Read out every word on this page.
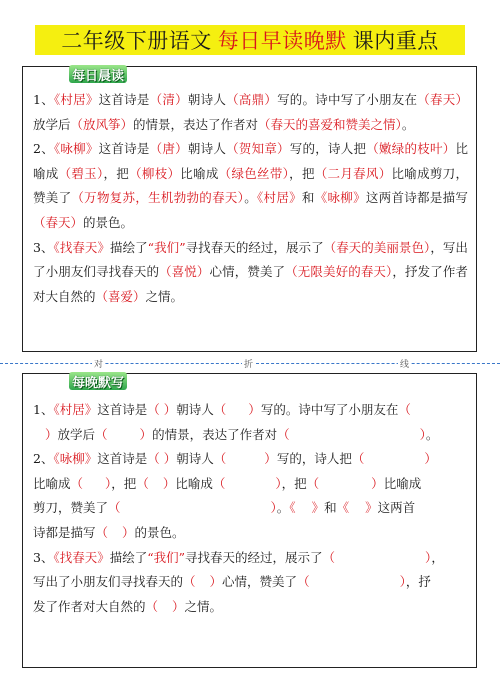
二年级下册语文 每日早读晚默 课内重点
每日晨读

1、《村居》这首诗是（清）朝诗人（高鼎）写的。诗中写了小朋友在（春天）放学后（放风筝）的情景，表达了作者对（春天的喜爱和赞美之情）。

2、《咏柳》这首诗是（唐）朝诗人（贺知章）写的，诗人把（嫩绿的枝叶）比喻成（碧玉），把（柳枝）比喻成（绿色丝带），把（二月春风）比喻成剪刀，赞美了（万物复苏，生机勃勃的春天）。《村居》和《咏柳》这两首诗都是描写（春天）的景色。

3、《找春天》描绘了“我们”寻找春天的经过，展示了（春天的美丽景色），写出了小朋友们寻找春天的（喜悦）心情，赞美了（无限美好的春天），抒发了作者对大自然的（喜爱）之情。

对	折	线
每晚默写

1、《村居》这首诗是（ ）朝诗人（ ）写的。诗中写了小朋友在（
）放学后（	）的情景，表达了作者对（	）。

2、《咏柳》这首诗是（ ）朝诗人（	）写的，诗人把（	）
比喻成（ ），把（ ）比喻成（	），把（	）比喻成
剪刀，赞美了（	）。《 》和《 》这两首
诗都是描写（ ）的景色。

3、《找春天》描绘了“我们”寻找春天的经过，展示了（	），
写出了小朋友们寻找春天的（ ）心情，赞美了（	），抒
发了作者对大自然的（ ）之情。
